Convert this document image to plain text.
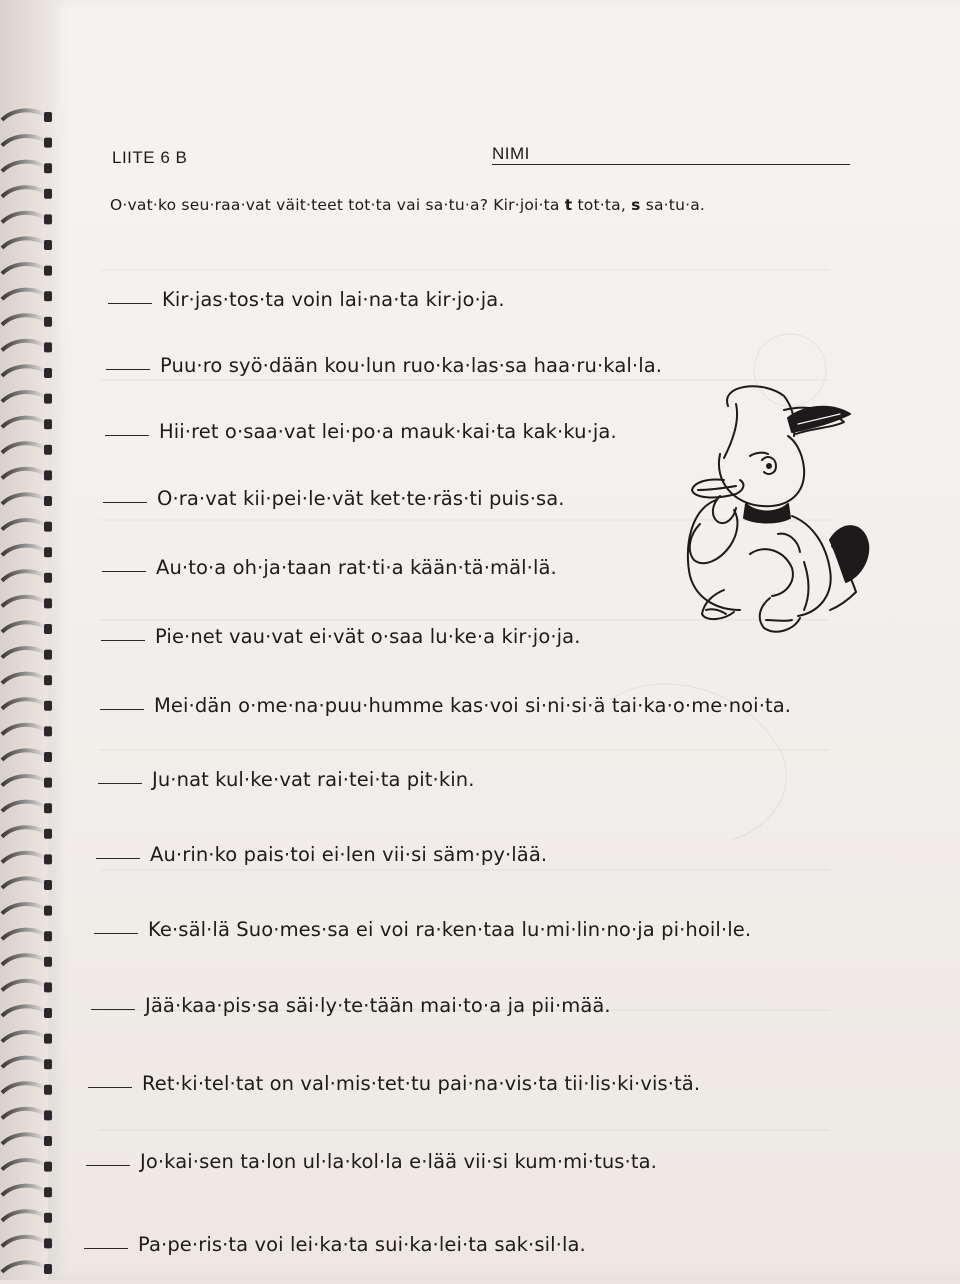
LIITE 6 B	NIMI
O·vat·ko seu·raa·vat väit·teet tot·ta vai sa·tu·a? Kir·joi·ta t tot·ta, s sa·tu·a.
Kir·jas·tos·ta voin lai·na·ta kir·jo·ja.
Puu·ro syö·dään kou·lun ruo·ka·las·sa haa·ru·kal·la.
Hii·ret o·saa·vat lei·po·a mauk·kai·ta kak·ku·ja.
O·ra·vat kii·pei·le·vät ket·te·räs·ti puis·sa.
Au·to·a oh·ja·taan rat·ti·a kään·tä·mäl·lä.
Pie·net vau·vat ei·vät o·saa lu·ke·a kir·jo·ja.
Mei·dän o·me·na·puu·humme kas·voi si·ni·si·ä tai·ka·o·me·noi·ta.
Ju·nat kul·ke·vat rai·tei·ta pit·kin.
Au·rin·ko pais·toi ei·len vii·si säm·py·lää.
Ke·säl·lä Suo·mes·sa ei voi ra·ken·taa lu·mi·lin·no·ja pi·hoil·le.
Jää·kaa·pis·sa säi·ly·te·tään mai·to·a ja pii·mää.
Ret·ki·tel·tat on val·mis·tet·tu pai·na·vis·ta tii·lis·ki·vis·tä.
Jo·kai·sen ta·lon ul·la·kol·la e·lää vii·si kum·mi·tus·ta.
Pa·pe·ris·ta voi lei·ka·ta sui·ka·lei·ta sak·sil·la.
